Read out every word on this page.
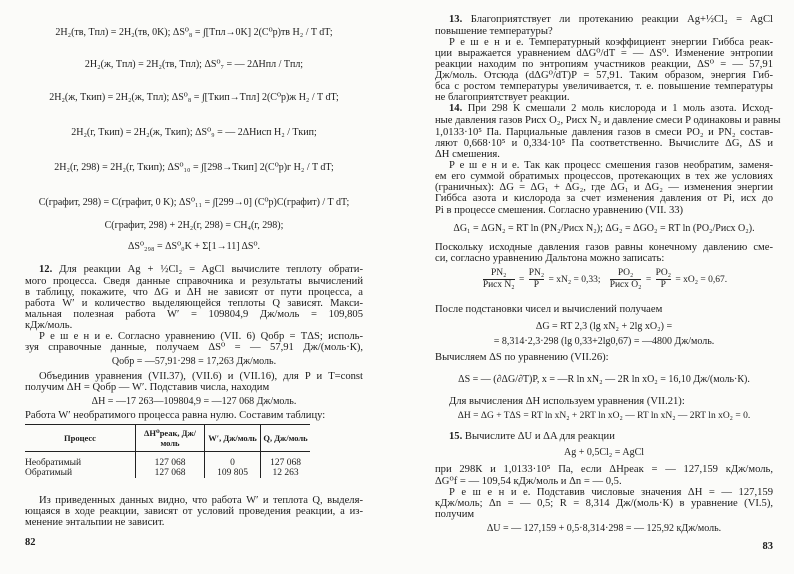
2H₂(тв, Tпл) = 2H₂(тв, 0K); ΔS⁰₈ = ∫[Tпл→0K] 2(C⁰p)тв H₂ / T dT;
2H₂(ж, Tпл) = 2H₂(тв, Tпл); ΔS⁰₇ = — 2ΔHпл / Tпл;
2H₂(ж, Tкип) = 2H₂(ж, Tпл); ΔS⁰₈ = ∫[Tкип→Tпл] 2(C⁰p)ж H₂ / T dT;
2H₂(г, Tкип) = 2H₂(ж, Tкип); ΔS⁰₉ = — 2ΔHисп H₂ / Tкип;
2H₂(г, 298) = 2H₂(г, Tкип); ΔS⁰₁₀ = ∫[298→Tкип] 2(C⁰p)г H₂ / T dT;
C(графит, 298) = C(графит, 0 K); ΔS⁰₁₁ = ∫[299→0] (C⁰p)C(графит) / T dT;
C(графит, 298) + 2H₂(г, 298) = CH₄(г, 298);
ΔS⁰₂₉₈ = ΔS⁰₀K + Σ[1→11] ΔS⁰.
12. Для реакции Ag + ½Cl₂ = AgCl вычислите теплоту обрати-
мого процесса. Сведя данные справочника и результаты вычислений
в таблицу, покажите, что ΔG и ΔH не зависят от пути процесса, а
работа W′ и количество выделяющейся теплоты Q зависят. Макси-
мальная полезная работа W′ = 109804,9 Дж/моль = 109,805
кДж/моль.
Р е ш е н и е. Согласно уравнению (VII. 6) Qобр = TΔS; исполь-
зуя справочные данные, получаем ΔS⁰ = — 57,91 Дж/(моль·К),
Qобр = —57,91·298 = 17,263 Дж/моль.
Объединив уравнения (VII.37), (VII.6) и (VII.16), для P и T=const
получим ΔH = Qобр — W′. Подставив числа, находим
ΔH = —17 263—109804,9 = —127 068 Дж/моль.
Работа W′ необратимого процесса равна нулю. Составим таблицу:
Из приведенных данных видно, что работа W′ и теплота Q, выделя-
ющаяся в ходе реакции, зависят от условий проведения реакции, а из-
менение энтальпии не зависит.
82
Процесс	ΔH⁰реак, Дж/моль	W′, Дж/моль	Q, Дж/моль
Необратимый	127 068	0	127 068
Обратимый	127 068	109 805	12 263
13. Благоприятствует ли протеканию реакции Ag+½Cl₂ = AgCl
повышение температуры?
Р е ш е н и е. Температурный коэффициент энергии Гиббса реак-
ции выражается уравнением dΔG⁰/dT = — ΔS⁰. Изменение энтропии
реакции находим по энтропиям участников реакции, ΔS⁰ = — 57,91
Дж/моль. Отсюда (dΔG⁰/dT)P = 57,91. Таким образом, энергия Гиб-
бса с ростом температуры увеличивается, т. е. повышение температуры
не благоприятствует реакции.
14. При 298 К смешали 2 моль кислорода и 1 моль азота. Исход-
ные давления газов Pисх O₂, Pисх N₂ и давление смеси P одинаковы и равны
1,0133·10⁵ Па. Парциальные давления газов в смеси PO₂ и PN₂ состав-
ляют 0,668·10⁵ и 0,334·10⁵ Па соответственно. Вычислите ΔG, ΔS и
ΔH смешения.
Р е ш е н и е. Так как процесс смешения газов необратим, заменя-
ем его суммой обратимых процессов, протекающих в тех же условиях
(граничных): ΔG = ΔG₁ + ΔG₂, где ΔG₁ и ΔG₂ — изменения энергии
Гиббса азота и кислорода за счет изменения давления от Pi, исх до
Pi в процессе смешения. Согласно уравнению (VII. 33)
ΔG₁ = ΔGN₂ = RT ln (PN₂/Pисх N₂); ΔG₂ = ΔGO₂ = RT ln (PO₂/Pисх O₂).
Поскольку исходные давления газов равны конечному давлению сме-
си, согласно уравнению Дальтона можно записать:
$\frac{\text{PN₂}}{\text{Pисх N₂}} = \frac{\text{PN₂}}{P} = xN_2 = 0,33$; $\frac{\text{PO₂}}{\text{Pисх O₂}} = \frac{\text{PO₂}}{P} = xO_2 = 0,67$.
После подстановки чисел и вычислений получаем
ΔG = RT 2,3 (lg xN₂ + 2lg xO₂) =
= 8,314·2,3·298 (lg 0,33+2lg0,67) = —4800 Дж/моль.
Вычисляем ΔS по уравнению (VII.26):
ΔS = — (∂ΔG/∂T)P, x = —R ln xN₂ — 2R ln xO₂ = 16,10 Дж/(моль·К).
Для вычисления ΔH используем уравнения (VII.21):
ΔH = ΔG + TΔS = RT ln xN₂ + 2RT ln xO₂ — RT ln xN₂ — 2RT ln xO₂ = 0.
15. Вычислите ΔU и ΔA для реакции
Ag + 0,5Cl₂ = AgCl
при 298К и 1,0133·10⁵ Па, если ΔHреак = — 127,159 кДж/моль,
ΔG⁰f = — 109,54 кДж/моль и Δn = — 0,5.
Р е ш е н и е. Подставив числовые значения ΔH = — 127,159
кДж/моль; Δn = — 0,5; R = 8,314 Дж/(моль·К) в уравнение (VI.5),
получим
ΔU = — 127,159 + 0,5·8,314·298 = — 125,92 кДж/моль.
83
